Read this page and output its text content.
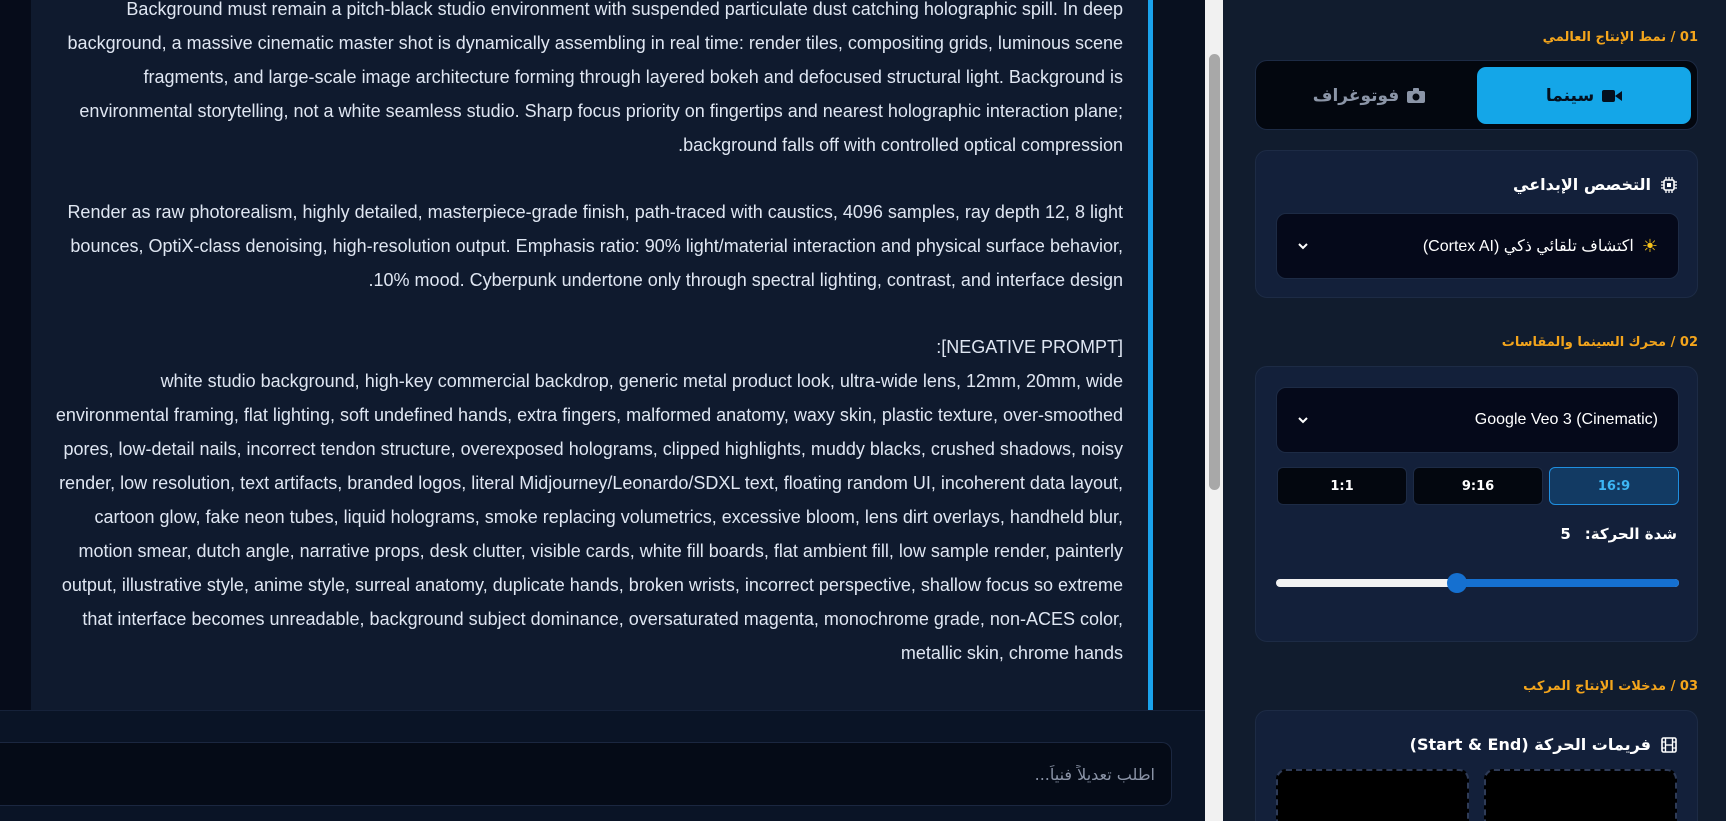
Background must remain a pitch-black studio environment with suspended particulate dust catching holographic spill. In deep background, a massive cinematic master shot is dynamically assembling in real time: render tiles, compositing grids, luminous scene fragments, and large-scale image architecture forming through layered bokeh and defocused structural light. Background is environmental storytelling, not a white seamless studio. Sharp focus priority on fingertips and nearest holographic interaction plane; background falls off with controlled optical compression.

Render as raw photorealism, highly detailed, masterpiece-grade finish, path-traced with caustics, 4096 samples, ray depth 12, 8 light bounces, OptiX-class denoising, high-resolution output. Emphasis ratio: 90% light/material interaction and physical surface behavior, 10% mood. Cyberpunk undertone only through spectral lighting, contrast, and interface design.

[NEGATIVE PROMPT]:
white studio background, high-key commercial backdrop, generic metal product look, ultra-wide lens, 12mm, 20mm, wide environmental framing, flat lighting, soft undefined hands, extra fingers, malformed anatomy, waxy skin, plastic texture, over-smoothed pores, low-detail nails, incorrect tendon structure, overexposed holograms, clipped highlights, muddy blacks, crushed shadows, noisy render, low resolution, text artifacts, branded logos, literal Midjourney/Leonardo/SDXL text, floating random UI, incoherent data layout, cartoon glow, fake neon tubes, liquid holograms, smoke replacing volumetrics, excessive bloom, lens dirt overlays, handheld blur, motion smear, dutch angle, narrative props, desk clutter, visible cards, white fill boards, flat ambient fill, low sample render, painterly output, illustrative style, anime style, surreal anatomy, duplicate hands, broken wrists, incorrect perspective, shallow focus so extreme that interface becomes unreadable, background subject dominance, oversaturated magenta, monochrome grade, non-ACES color, metallic skin, chrome hands
اطلب تعديلاً فنياً...
01 / نمط الإنتاج العالمي
سينما
فوتوغراف
التخصص الإبداعي
☀
اكتشاف تلقائي ذكي (Cortex AI)
02 / محرك السينما والمقاسات
Google Veo 3 (Cinematic)
16:9
9:16
1:1
شدة الحركة:
5
03 / مدخلات الإنتاج المركب
فريمات الحركة (Start & End)
